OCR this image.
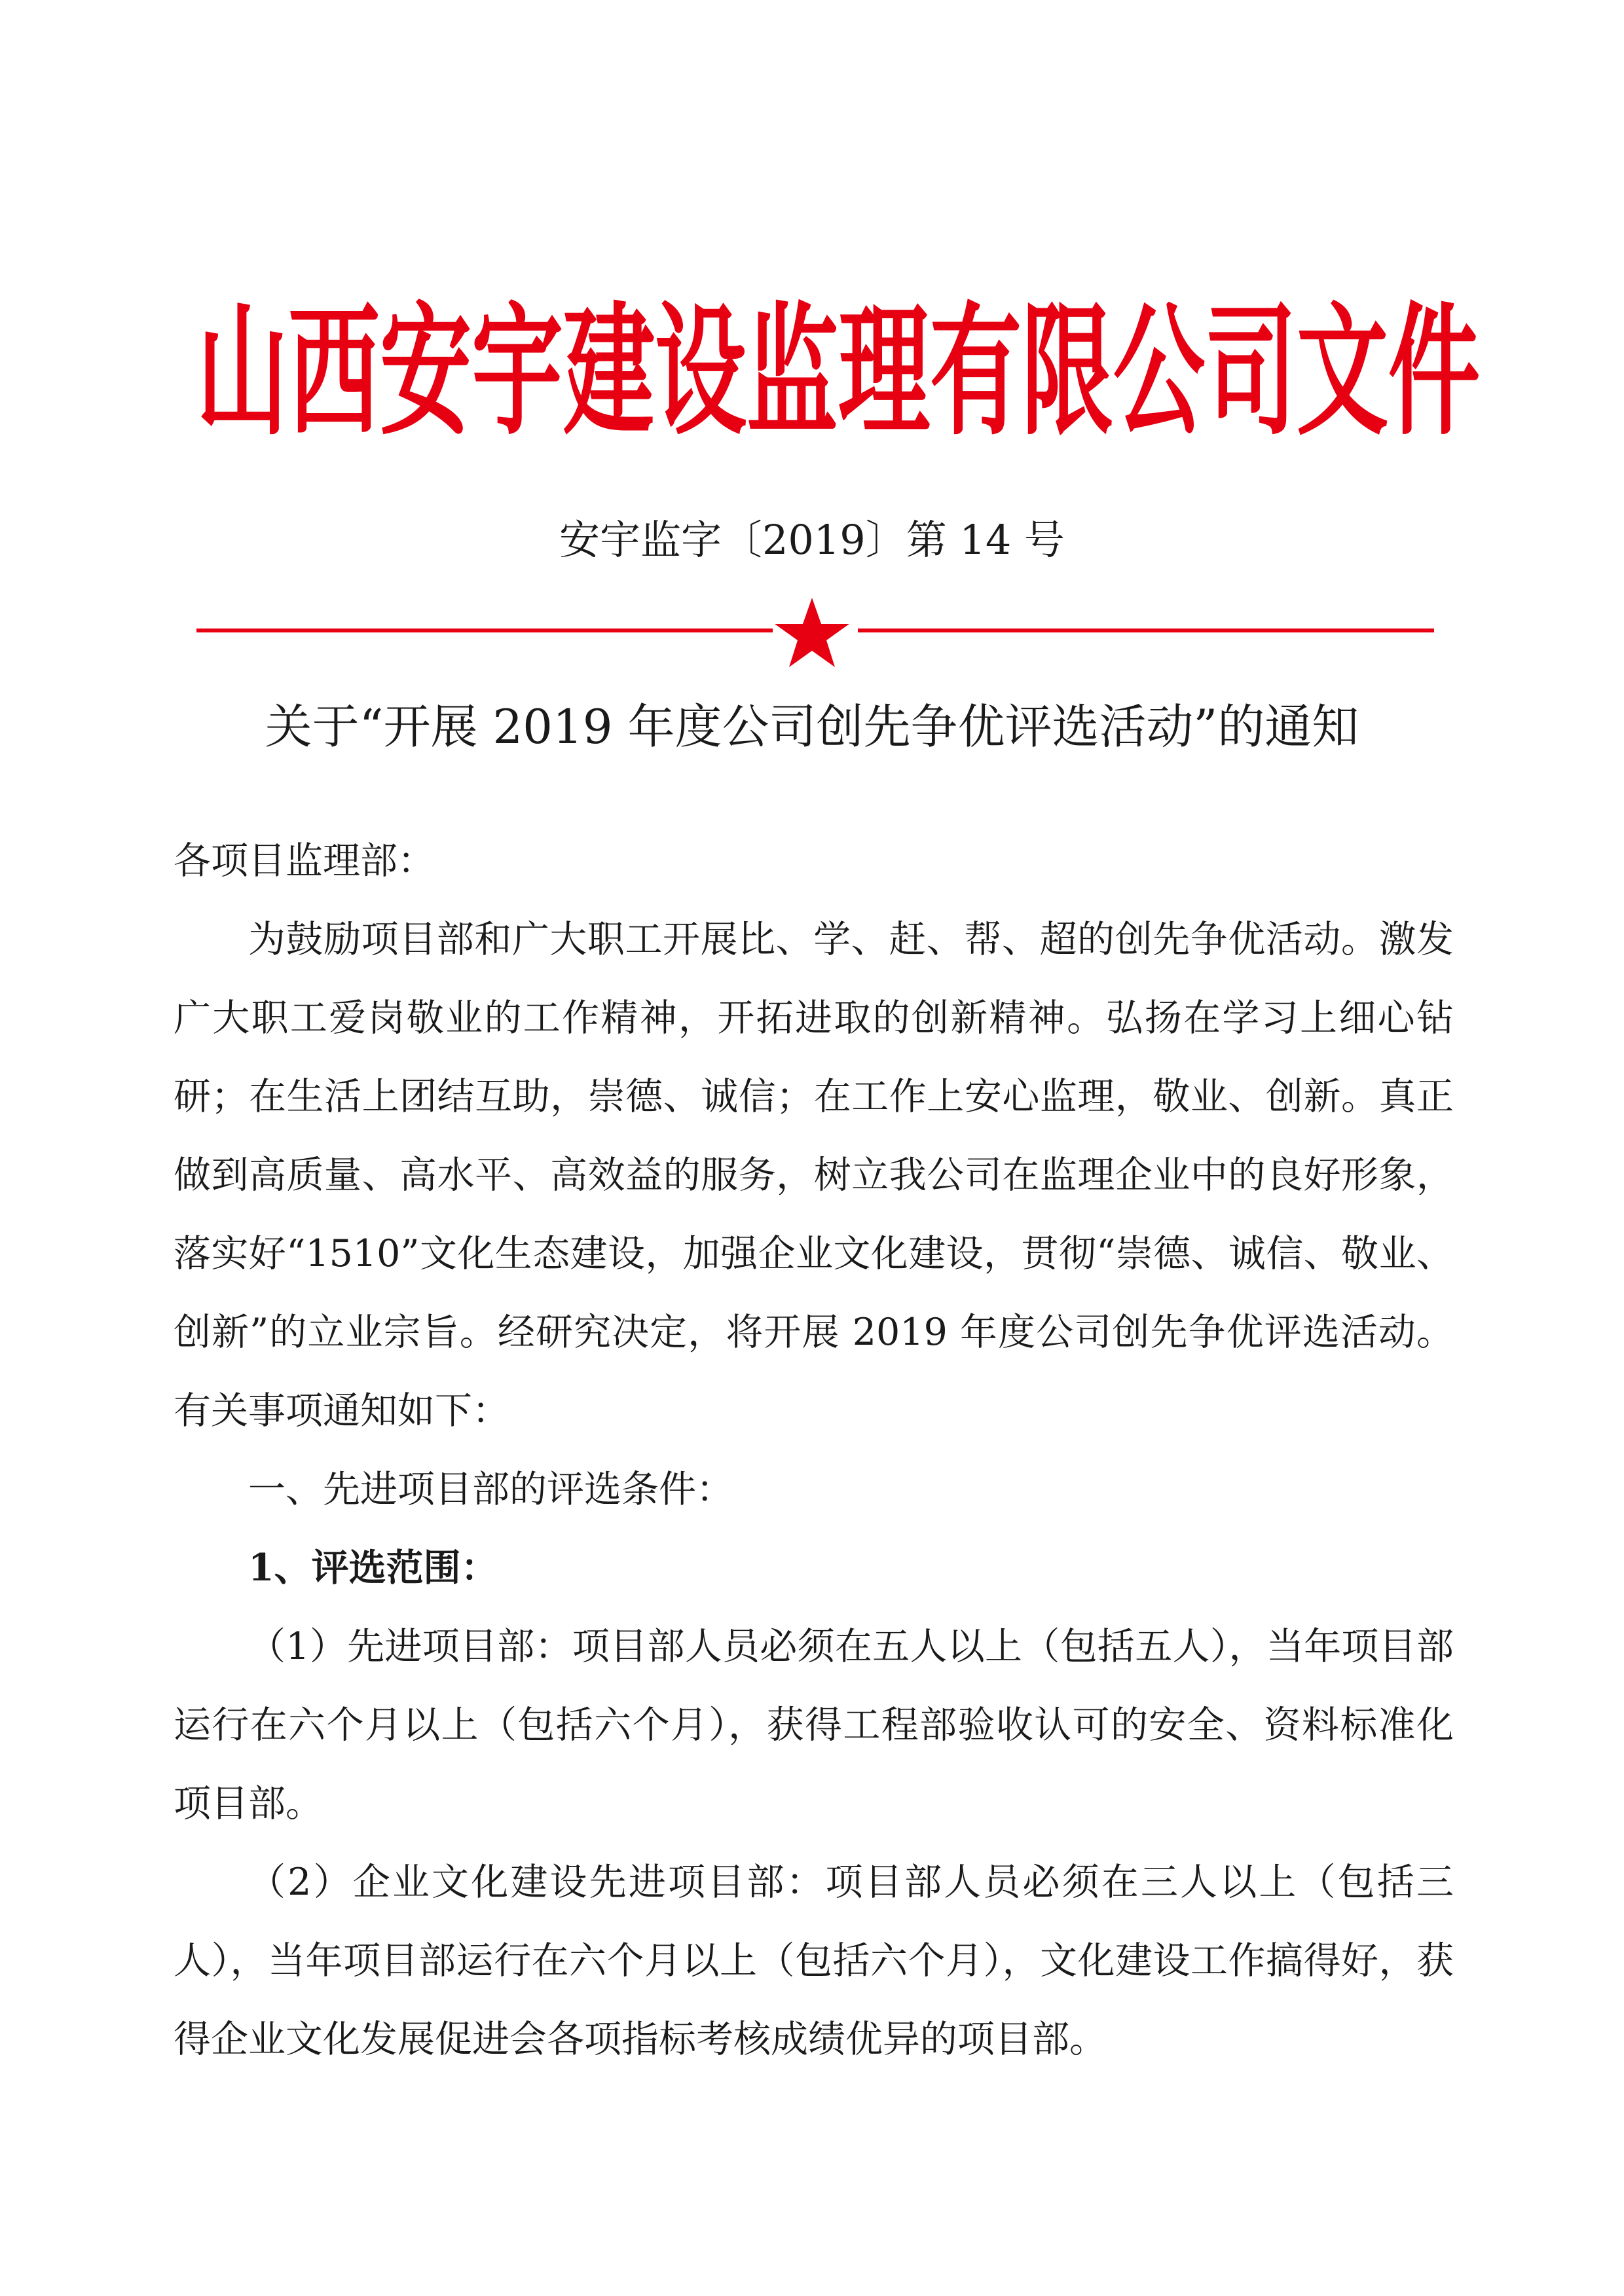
山西安宇建设监理有限公司文件
安宇监字〔2019〕第 14 号
关于“开展 2019 年度公司创先争优评选活动”的通知

各项目监理部：

为鼓励项目部和广大职工开展比、学、赶、帮、超的创先争优活动。激发广大职工爱岗敬业的工作精神，开拓进取的创新精神。弘扬在学习上细心钻研；在生活上团结互助，崇德、诚信；在工作上安心监理，敬业、创新。真正做到高质量、高水平、高效益的服务，树立我公司在监理企业中的良好形象，落实好“1510”文化生态建设，加强企业文化建设，贯彻“崇德、诚信、敬业、创新”的立业宗旨。经研究决定，将开展 2019 年度公司创先争优评选活动。有关事项通知如下：

一、先进项目部的评选条件：

1、评选范围：

（1）先进项目部：项目部人员必须在五人以上（包括五人），当年项目部运行在六个月以上（包括六个月），获得工程部验收认可的安全、资料标准化项目部。

（2）企业文化建设先进项目部：项目部人员必须在三人以上（包括三人），当年项目部运行在六个月以上（包括六个月），文化建设工作搞得好，获得企业文化发展促进会各项指标考核成绩优异的项目部。
